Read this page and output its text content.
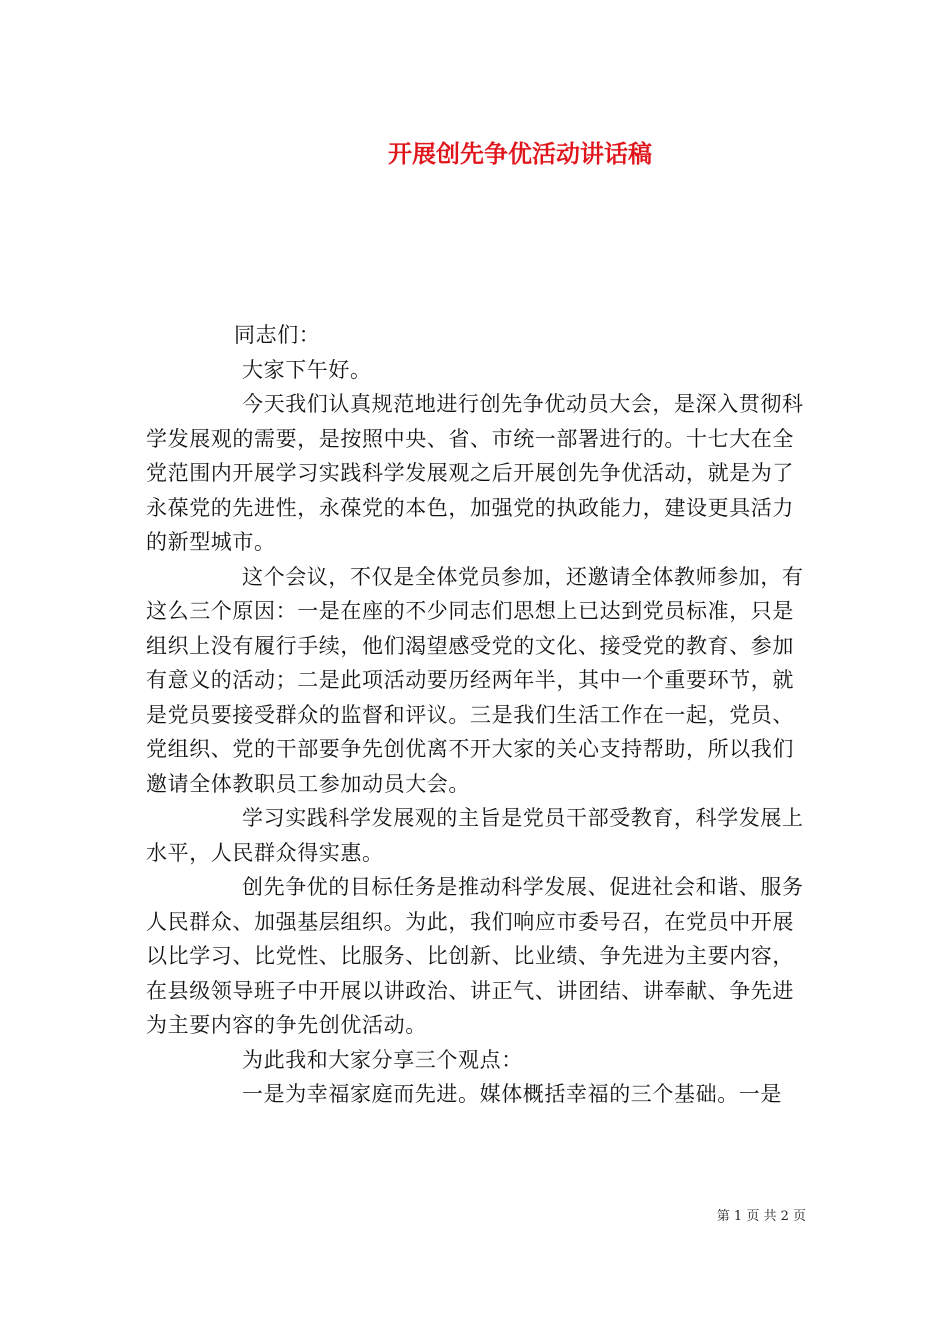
开展创先争优活动讲话稿

同志们：

大家下午好。

今天我们认真规范地进行创先争优动员大会，是深入贯彻科学发展观的需要，是按照中央、省、市统一部署进行的。十七大在全党范围内开展学习实践科学发展观之后开展创先争优活动，就是为了永葆党的先进性，永葆党的本色，加强党的执政能力，建设更具活力的新型城市。

这个会议，不仅是全体党员参加，还邀请全体教师参加，有这么三个原因：一是在座的不少同志们思想上已达到党员标准，只是组织上没有履行手续，他们渴望感受党的文化、接受党的教育、参加有意义的活动；二是此项活动要历经两年半，其中一个重要环节，就是党员要接受群众的监督和评议。三是我们生活工作在一起，党员、党组织、党的干部要争先创优离不开大家的关心支持帮助，所以我们邀请全体教职员工参加动员大会。

学习实践科学发展观的主旨是党员干部受教育，科学发展上水平，人民群众得实惠。

创先争优的目标任务是推动科学发展、促进社会和谐、服务人民群众、加强基层组织。为此，我们响应市委号召，在党员中开展以比学习、比党性、比服务、比创新、比业绩、争先进为主要内容，在县级领导班子中开展以讲政治、讲正气、讲团结、讲奉献、争先进为主要内容的争先创优活动。

为此我和大家分享三个观点：

一是为幸福家庭而先进。媒体概括幸福的三个基础。一是

第 1 页 共 2 页
